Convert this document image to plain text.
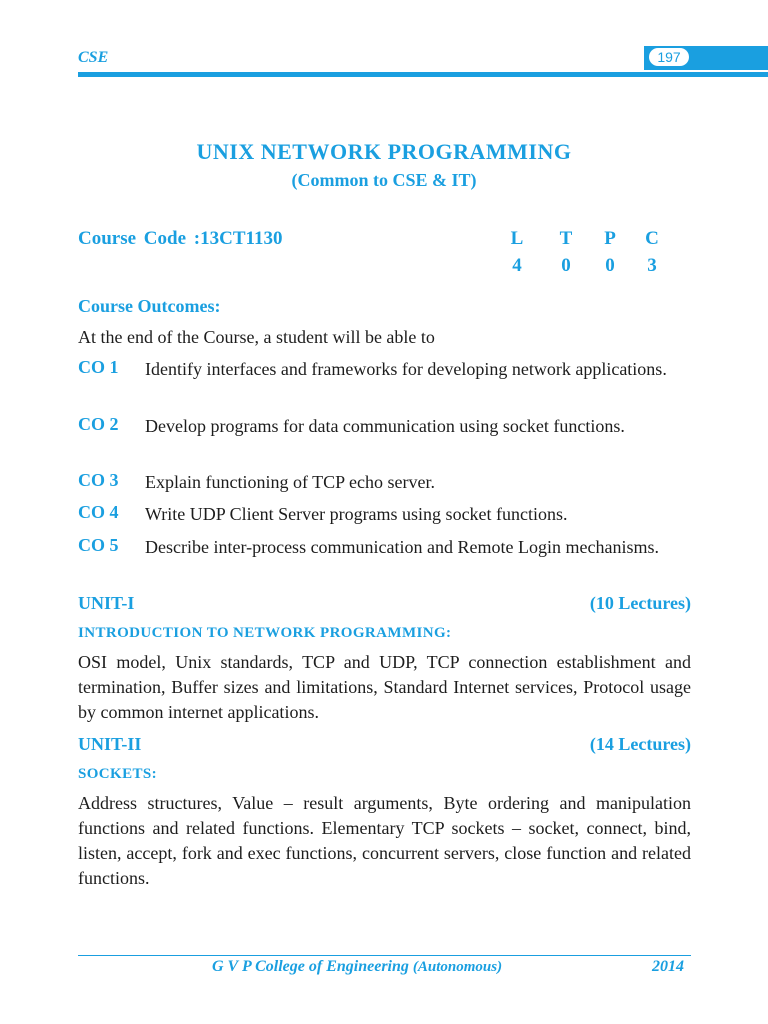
CSE	197
UNIX NETWORK PROGRAMMING
(Common to CSE & IT)
Course Code :13CT1130	L T	P	C
4	0	0	3
Course Outcomes:
At the end of the Course, a student will be able to
CO 1 Identify interfaces and frameworks for developing network applications.
CO 2 Develop programs for data communication using socket functions.
CO 3 Explain functioning of TCP echo server.
CO 4 Write UDP Client Server programs using socket functions.
CO 5 Describe inter-process communication and Remote Login mechanisms.
UNIT-I	(10 Lectures)
INTRODUCTION TO NETWORK PROGRAMMING:
OSI model, Unix standards, TCP and UDP, TCP connection establishment and termination, Buffer sizes and limitations, Standard Internet services, Protocol usage by common internet applications.
UNIT-II	(14 Lectures)
SOCKETS:
Address structures, Value – result arguments, Byte ordering and manipulation functions and related functions. Elementary TCP sockets – socket, connect, bind, listen, accept, fork and exec functions, concurrent servers, close function and related functions.
G V P College of Engineering (Autonomous)	2014
